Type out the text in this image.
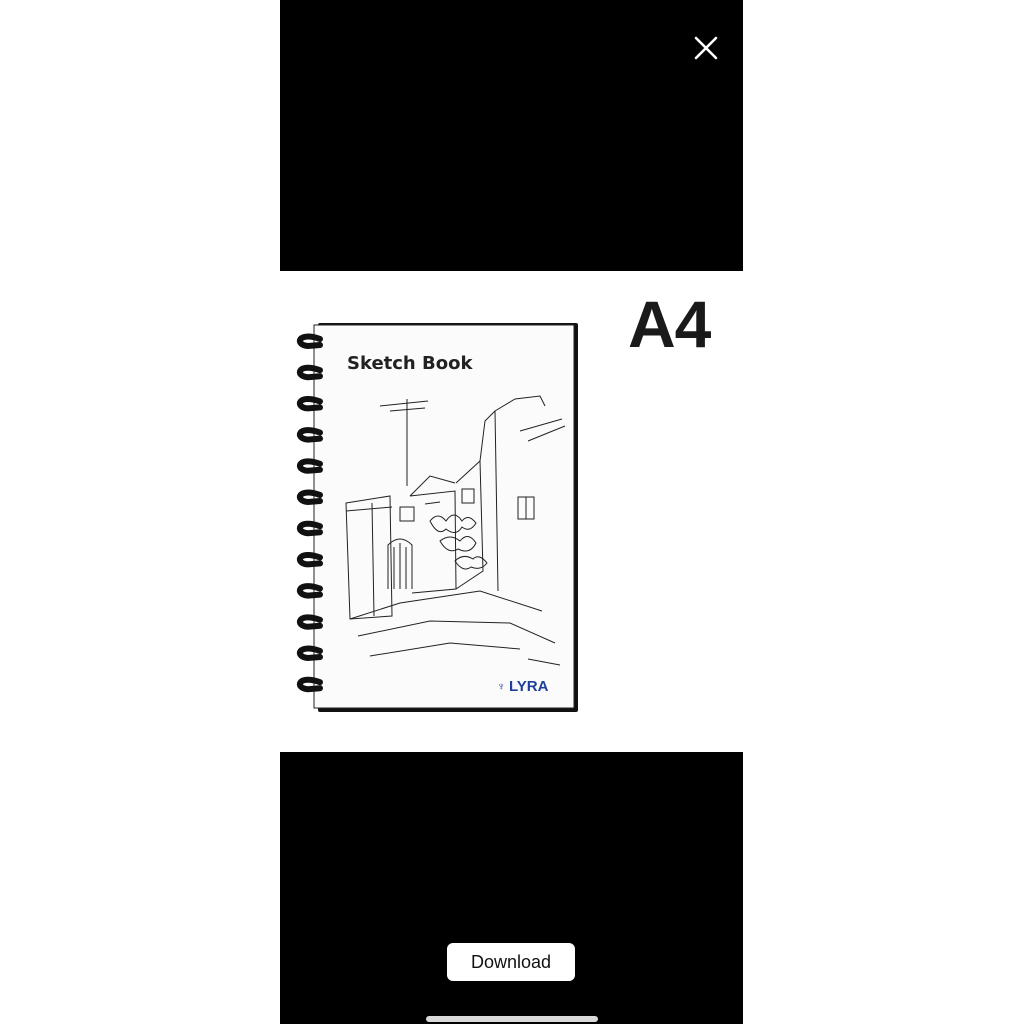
Sketch Book
♆ LYRA
A4
Download
